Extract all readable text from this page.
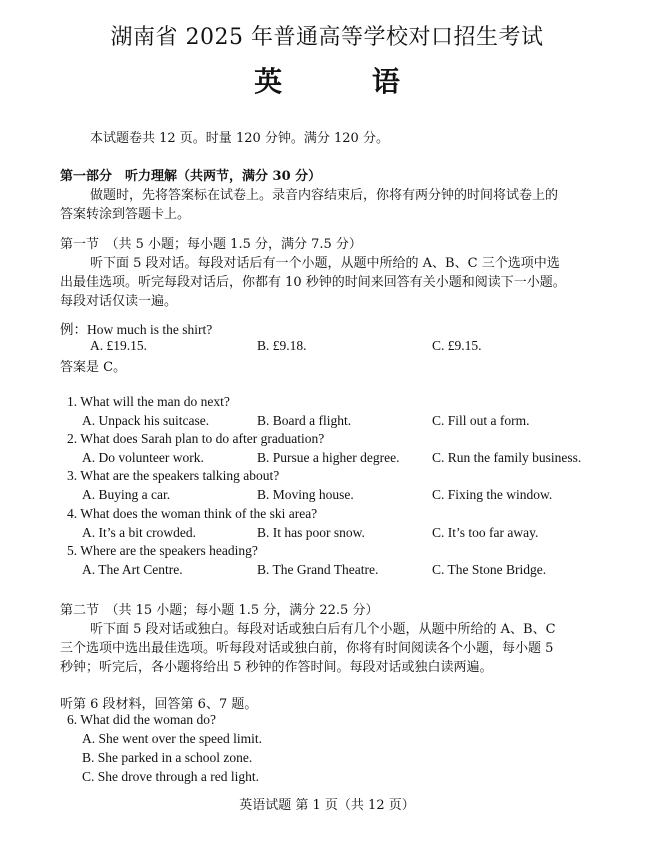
湖南省 2025 年普通高等学校对口招生考试
英 语
本试题卷共 12 页。时量 120 分钟。满分 120 分。
第一部分　听力理解（共两节，满分 30 分）
做题时，先将答案标在试卷上。录音内容结束后，你将有两分钟的时间将试卷上的
答案转涂到答题卡上。
第一节　（共 5 小题；每小题 1.5 分，满分 7.5 分）
听下面 5 段对话。每段对话后有一个小题，从题中所给的 A、B、C 三个选项中选
出最佳选项。听完每段对话后，你都有 10 秒钟的时间来回答有关小题和阅读下一小题。
每段对话仅读一遍。
例：How much is the shirt?
A. £19.15.	B. £9.18.	C. £9.15.
答案是 C。
1. What will the man do next?
A. Unpack his suitcase.	B. Board a flight.	C. Fill out a form.
2. What does Sarah plan to do after graduation?
A. Do volunteer work.	B. Pursue a higher degree. C. Run the family business.
3. What are the speakers talking about?
A. Buying a car.	B. Moving house.	C. Fixing the window.
4. What does the woman think of the ski area?
A. It’s a bit crowded.	B. It has poor snow.	C. It’s too far away.
5. Where are the speakers heading?
A. The Art Centre.	B. The Grand Theatre.	C. The Stone Bridge.
第二节　（共 15 小题；每小题 1.5 分，满分 22.5 分）
听下面 5 段对话或独白。每段对话或独白后有几个小题，从题中所给的 A、B、C
三个选项中选出最佳选项。听每段对话或独白前，你将有时间阅读各个小题，每小题 5
秒钟；听完后，各小题将给出 5 秒钟的作答时间。每段对话或独白读两遍。
听第 6 段材料，回答第 6、7 题。
6. What did the woman do?
A. She went over the speed limit.
B. She parked in a school zone.
C. She drove through a red light.
英语试题 第 1 页（共 12 页）
